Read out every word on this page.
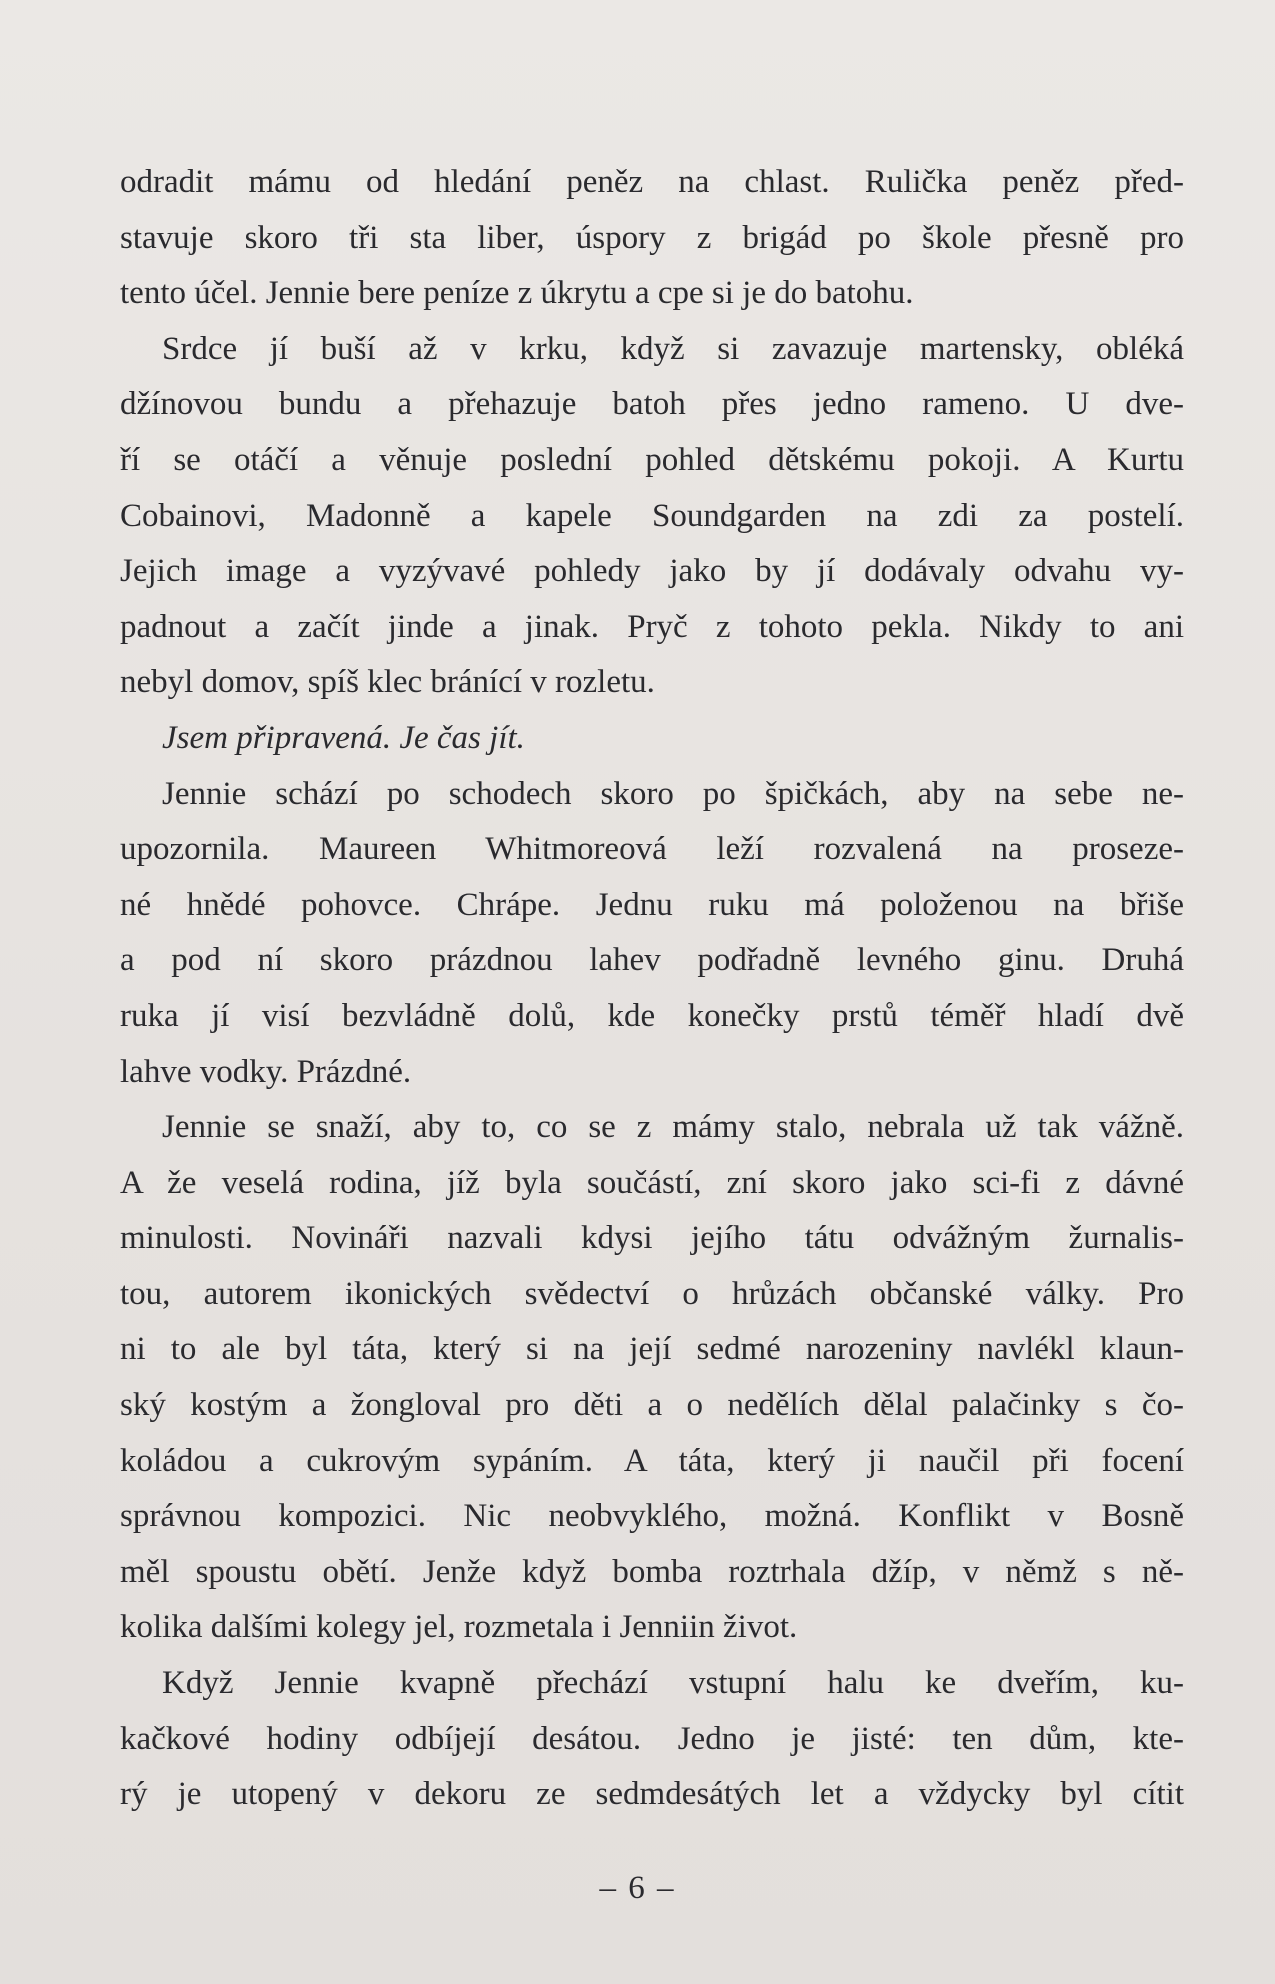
odradit mámu od hledání peněz na chlast. Rulička peněz před-
stavuje skoro tři sta liber, úspory z brigád po škole přesně pro
tento účel. Jennie bere peníze z úkrytu a cpe si je do batohu.
Srdce jí buší až v krku, když si zavazuje martensky, obléká
džínovou bundu a přehazuje batoh přes jedno rameno. U dve-
ří se otáčí a věnuje poslední pohled dětskému pokoji. A Kurtu
Cobainovi, Madonně a kapele Soundgarden na zdi za postelí.
Jejich image a vyzývavé pohledy jako by jí dodávaly odvahu vy-
padnout a začít jinde a jinak. Pryč z tohoto pekla. Nikdy to ani
nebyl domov, spíš klec bránící v rozletu.
Jsem připravená. Je čas jít.
Jennie schází po schodech skoro po špičkách, aby na sebe ne-
upozornila. Maureen Whitmoreová leží rozvalená na proseze-
né hnědé pohovce. Chrápe. Jednu ruku má položenou na břiše
a pod ní skoro prázdnou lahev podřadně levného ginu. Druhá
ruka jí visí bezvládně dolů, kde konečky prstů téměř hladí dvě
lahve vodky. Prázdné.
Jennie se snaží, aby to, co se z mámy stalo, nebrala už tak vážně.
A že veselá rodina, jíž byla součástí, zní skoro jako sci-fi z dávné
minulosti. Novináři nazvali kdysi jejího tátu odvážným žurnalis-
tou, autorem ikonických svědectví o hrůzách občanské války. Pro
ni to ale byl táta, který si na její sedmé narozeniny navlékl klaun-
ský kostým a žongloval pro děti a o nedělích dělal palačinky s čo-
koládou a cukrovým sypáním. A táta, který ji naučil při focení
správnou kompozici. Nic neobvyklého, možná. Konflikt v Bosně
měl spoustu obětí. Jenže když bomba roztrhala džíp, v němž s ně-
kolika dalšími kolegy jel, rozmetala i Jenniin život.
Když Jennie kvapně přechází vstupní halu ke dveřím, ku-
kačkové hodiny odbíjejí desátou. Jedno je jisté: ten dům, kte-
rý je utopený v dekoru ze sedmdesátých let a vždycky byl cítit
– 6 –
